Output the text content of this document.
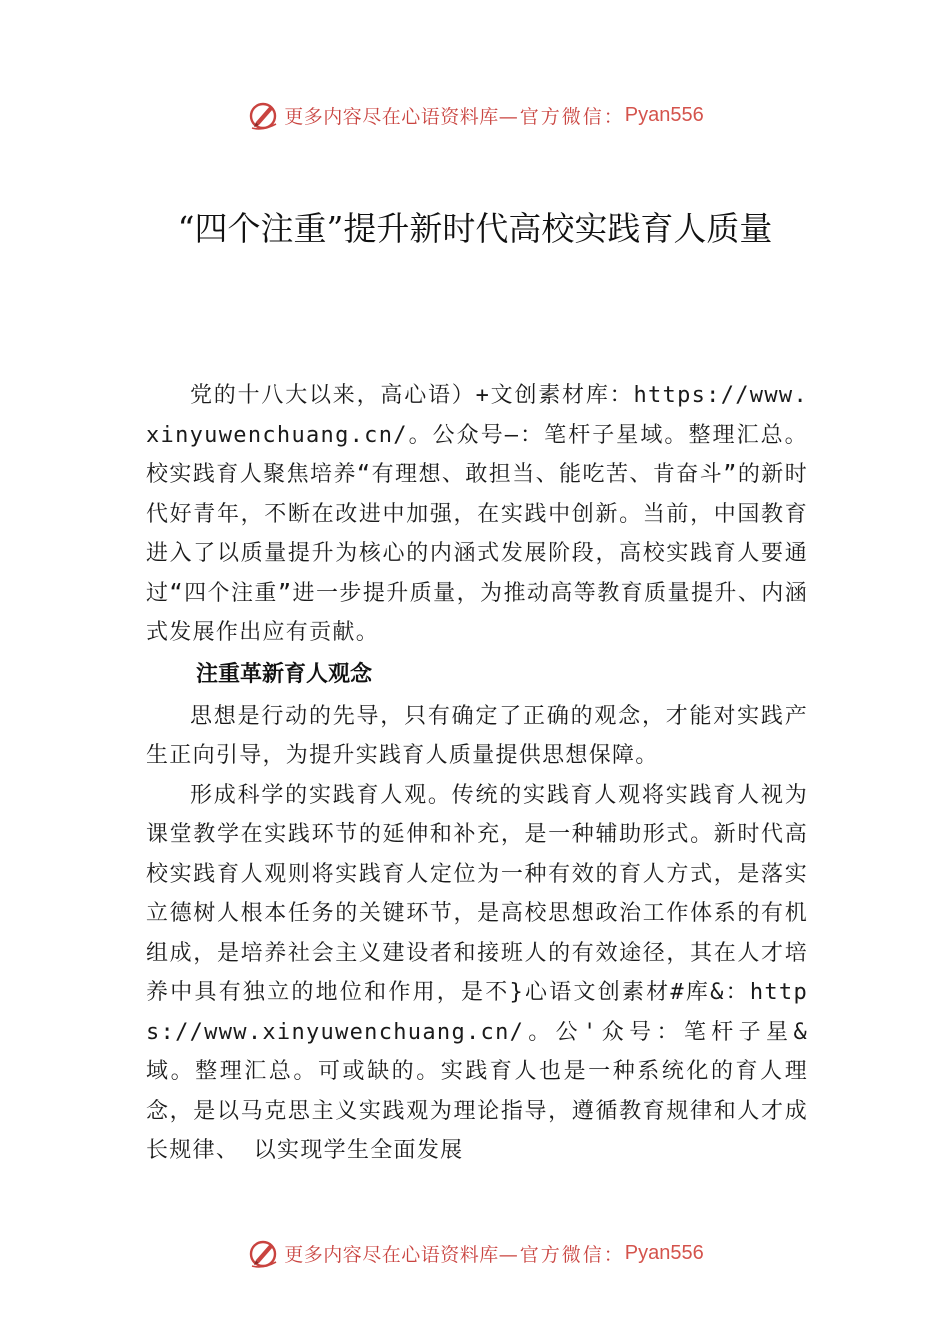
更多内容尽在心语资料库 —官方微信： Pyan556
“四个注重”提升新时代高校实践育人质量

党的十八大以来，高心语）+文创素材库：https://www.xinyuwenchuang.cn/。公众号—：笔杆子星域。整理汇总。校实践育人聚焦培养“有理想、敢担当、能吃苦、肯奋斗”的新时代好青年，不断在改进中加强，在实践中创新。当前，中国教育进入了以质量提升为核心的内涵式发展阶段，高校实践育人要通过“四个注重”进一步提升质量，为推动高等教育质量提升、内涵式发展作出应有贡献。

注重革新育人观念

思想是行动的先导，只有确定了正确的观念，才能对实践产生正向引导，为提升实践育人质量提供思想保障。

形成科学的实践育人观。传统的实践育人观将实践育人视为课堂教学在实践环节的延伸和补充，是一种辅助形式。新时代高校实践育人观则将实践育人定位为一种有效的育人方式，是落实立德树人根本任务的关键环节，是高校思想政治工作体系的有机组成，是培养社会主义建设者和接班人的有效途径，其在人才培养中具有独立的地位和作用，是不}心语文创素材#库&：https://www.xinyuwenchuang.cn/。公'众号：笔杆子星&域。整理汇总。可或缺的。实践育人也是一种系统化的育人理念，是以马克思主义实践观为理论指导，遵循教育规律和人才成长规律、 以实现学生全面发展

更多内容尽在心语资料库 —官方微信： Pyan556
